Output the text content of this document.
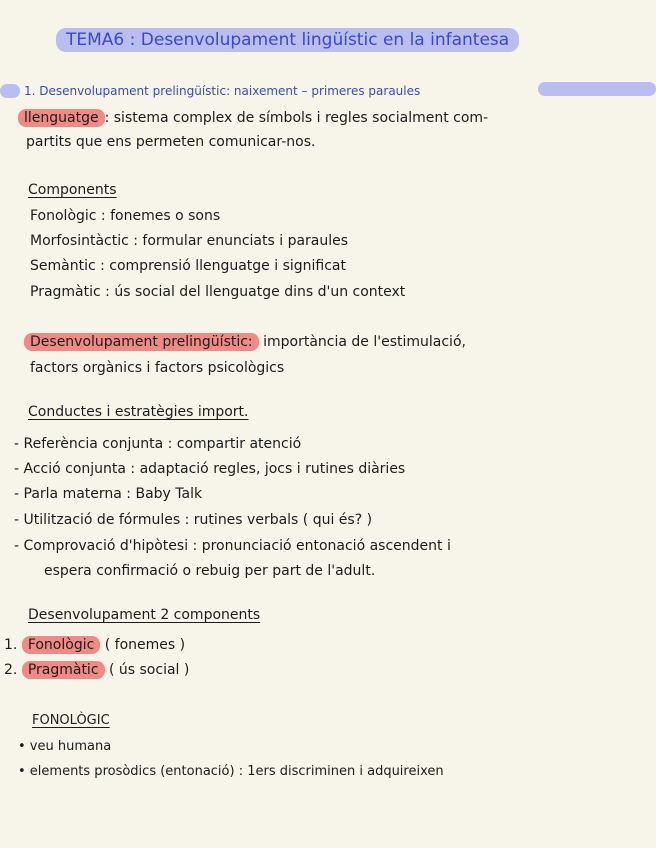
TEMA6 : Desenvolupament lingüístic en la infantesa
1. Desenvolupament prelingüístic: naixement – primeres paraules
llenguatge : sistema complex de símbols i regles socialment com-
partits que ens permeten comunicar-nos.
Components
Fonològic : fonemes o sons
Morfosintàctic : formular enunciats i paraules
Semàntic : comprensió llenguatge i significat
Pragmàtic : ús social del llenguatge dins d'un context
Desenvolupament prelingüístic: importància de l'estimulació,
factors orgànics i factors psicològics
Conductes i estratègies import.
- Referència conjunta : compartir atenció
- Acció conjunta : adaptació regles, jocs i rutines diàries
- Parla materna : Baby Talk
- Utilització de fórmules : rutines verbals ( qui és? )
- Comprovació d'hipòtesi : pronunciació entonació ascendent i
espera confirmació o rebuig per part de l'adult.
Desenvolupament 2 components
1. Fonològic ( fonemes )
2. Pragmàtic ( ús social )
FONOLÒGIC
• veu humana
• elements prosòdics (entonació) : 1ers discriminen i adquireixen
